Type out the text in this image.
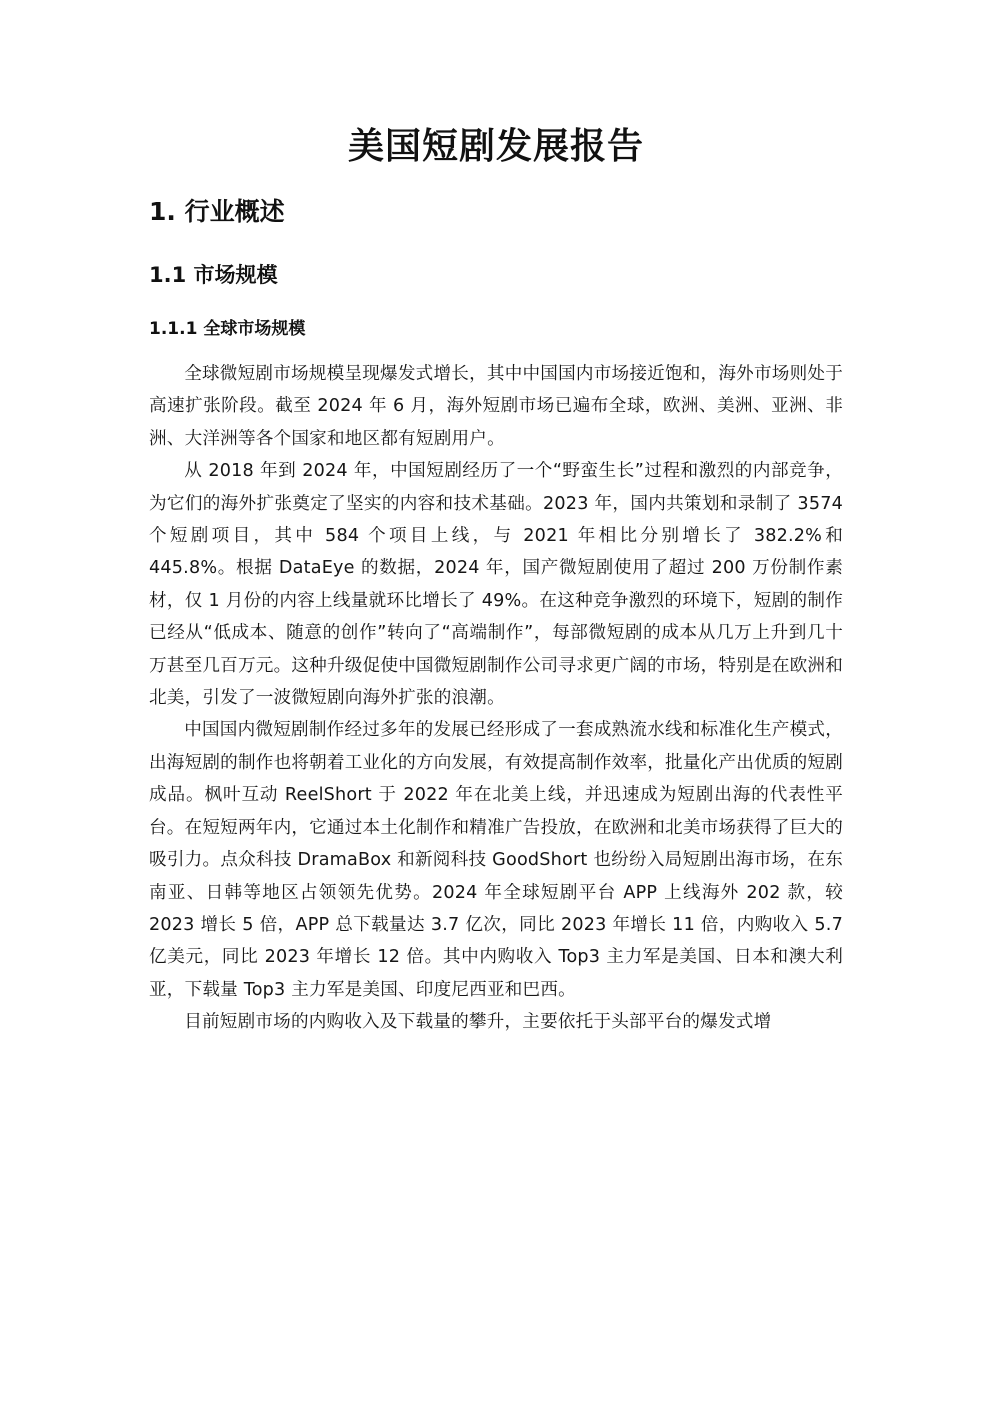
美国短剧发展报告
1. 行业概述
1.1 市场规模
1.1.1 全球市场规模

全球微短剧市场规模呈现爆发式增长，其中中国国内市场接近饱和，海外市场则处于高速扩张阶段。截至 2024 年 6 月，海外短剧市场已遍布全球，欧洲、美洲、亚洲、非洲、大洋洲等各个国家和地区都有短剧用户。

从 2018 年到 2024 年，中国短剧经历了一个“野蛮生长”过程和激烈的内部竞争，为它们的海外扩张奠定了坚实的内容和技术基础。2023 年，国内共策划和录制了 3574 个短剧项目，其中 584 个项目上线，与 2021 年相比分别增长了 382.2%和 445.8%。根据 DataEye 的数据，2024 年，国产微短剧使用了超过 200 万份制作素材，仅 1 月份的内容上线量就环比增长了 49%。在这种竞争激烈的环境下，短剧的制作已经从“低成本、随意的创作”转向了“高端制作”，每部微短剧的成本从几万上升到几十万甚至几百万元。这种升级促使中国微短剧制作公司寻求更广阔的市场，特别是在欧洲和北美，引发了一波微短剧向海外扩张的浪潮。

中国国内微短剧制作经过多年的发展已经形成了一套成熟流水线和标准化生产模式，出海短剧的制作也将朝着工业化的方向发展，有效提高制作效率，批量化产出优质的短剧成品。枫叶互动 ReelShort 于 2022 年在北美上线，并迅速成为短剧出海的代表性平台。在短短两年内，它通过本土化制作和精准广告投放，在欧洲和北美市场获得了巨大的吸引力。点众科技 DramaBox 和新阅科技 GoodShort 也纷纷入局短剧出海市场，在东南亚、日韩等地区占领领先优势。2024 年全球短剧平台 APP 上线海外 202 款，较 2023 增长 5 倍，APP 总下载量达 3.7 亿次，同比 2023 年增长 11 倍，内购收入 5.7 亿美元，同比 2023 年增长 12 倍。其中内购收入 Top3 主力军是美国、日本和澳大利亚，下载量 Top3 主力军是美国、印度尼西亚和巴西。

目前短剧市场的内购收入及下载量的攀升，主要依托于头部平台的爆发式增
